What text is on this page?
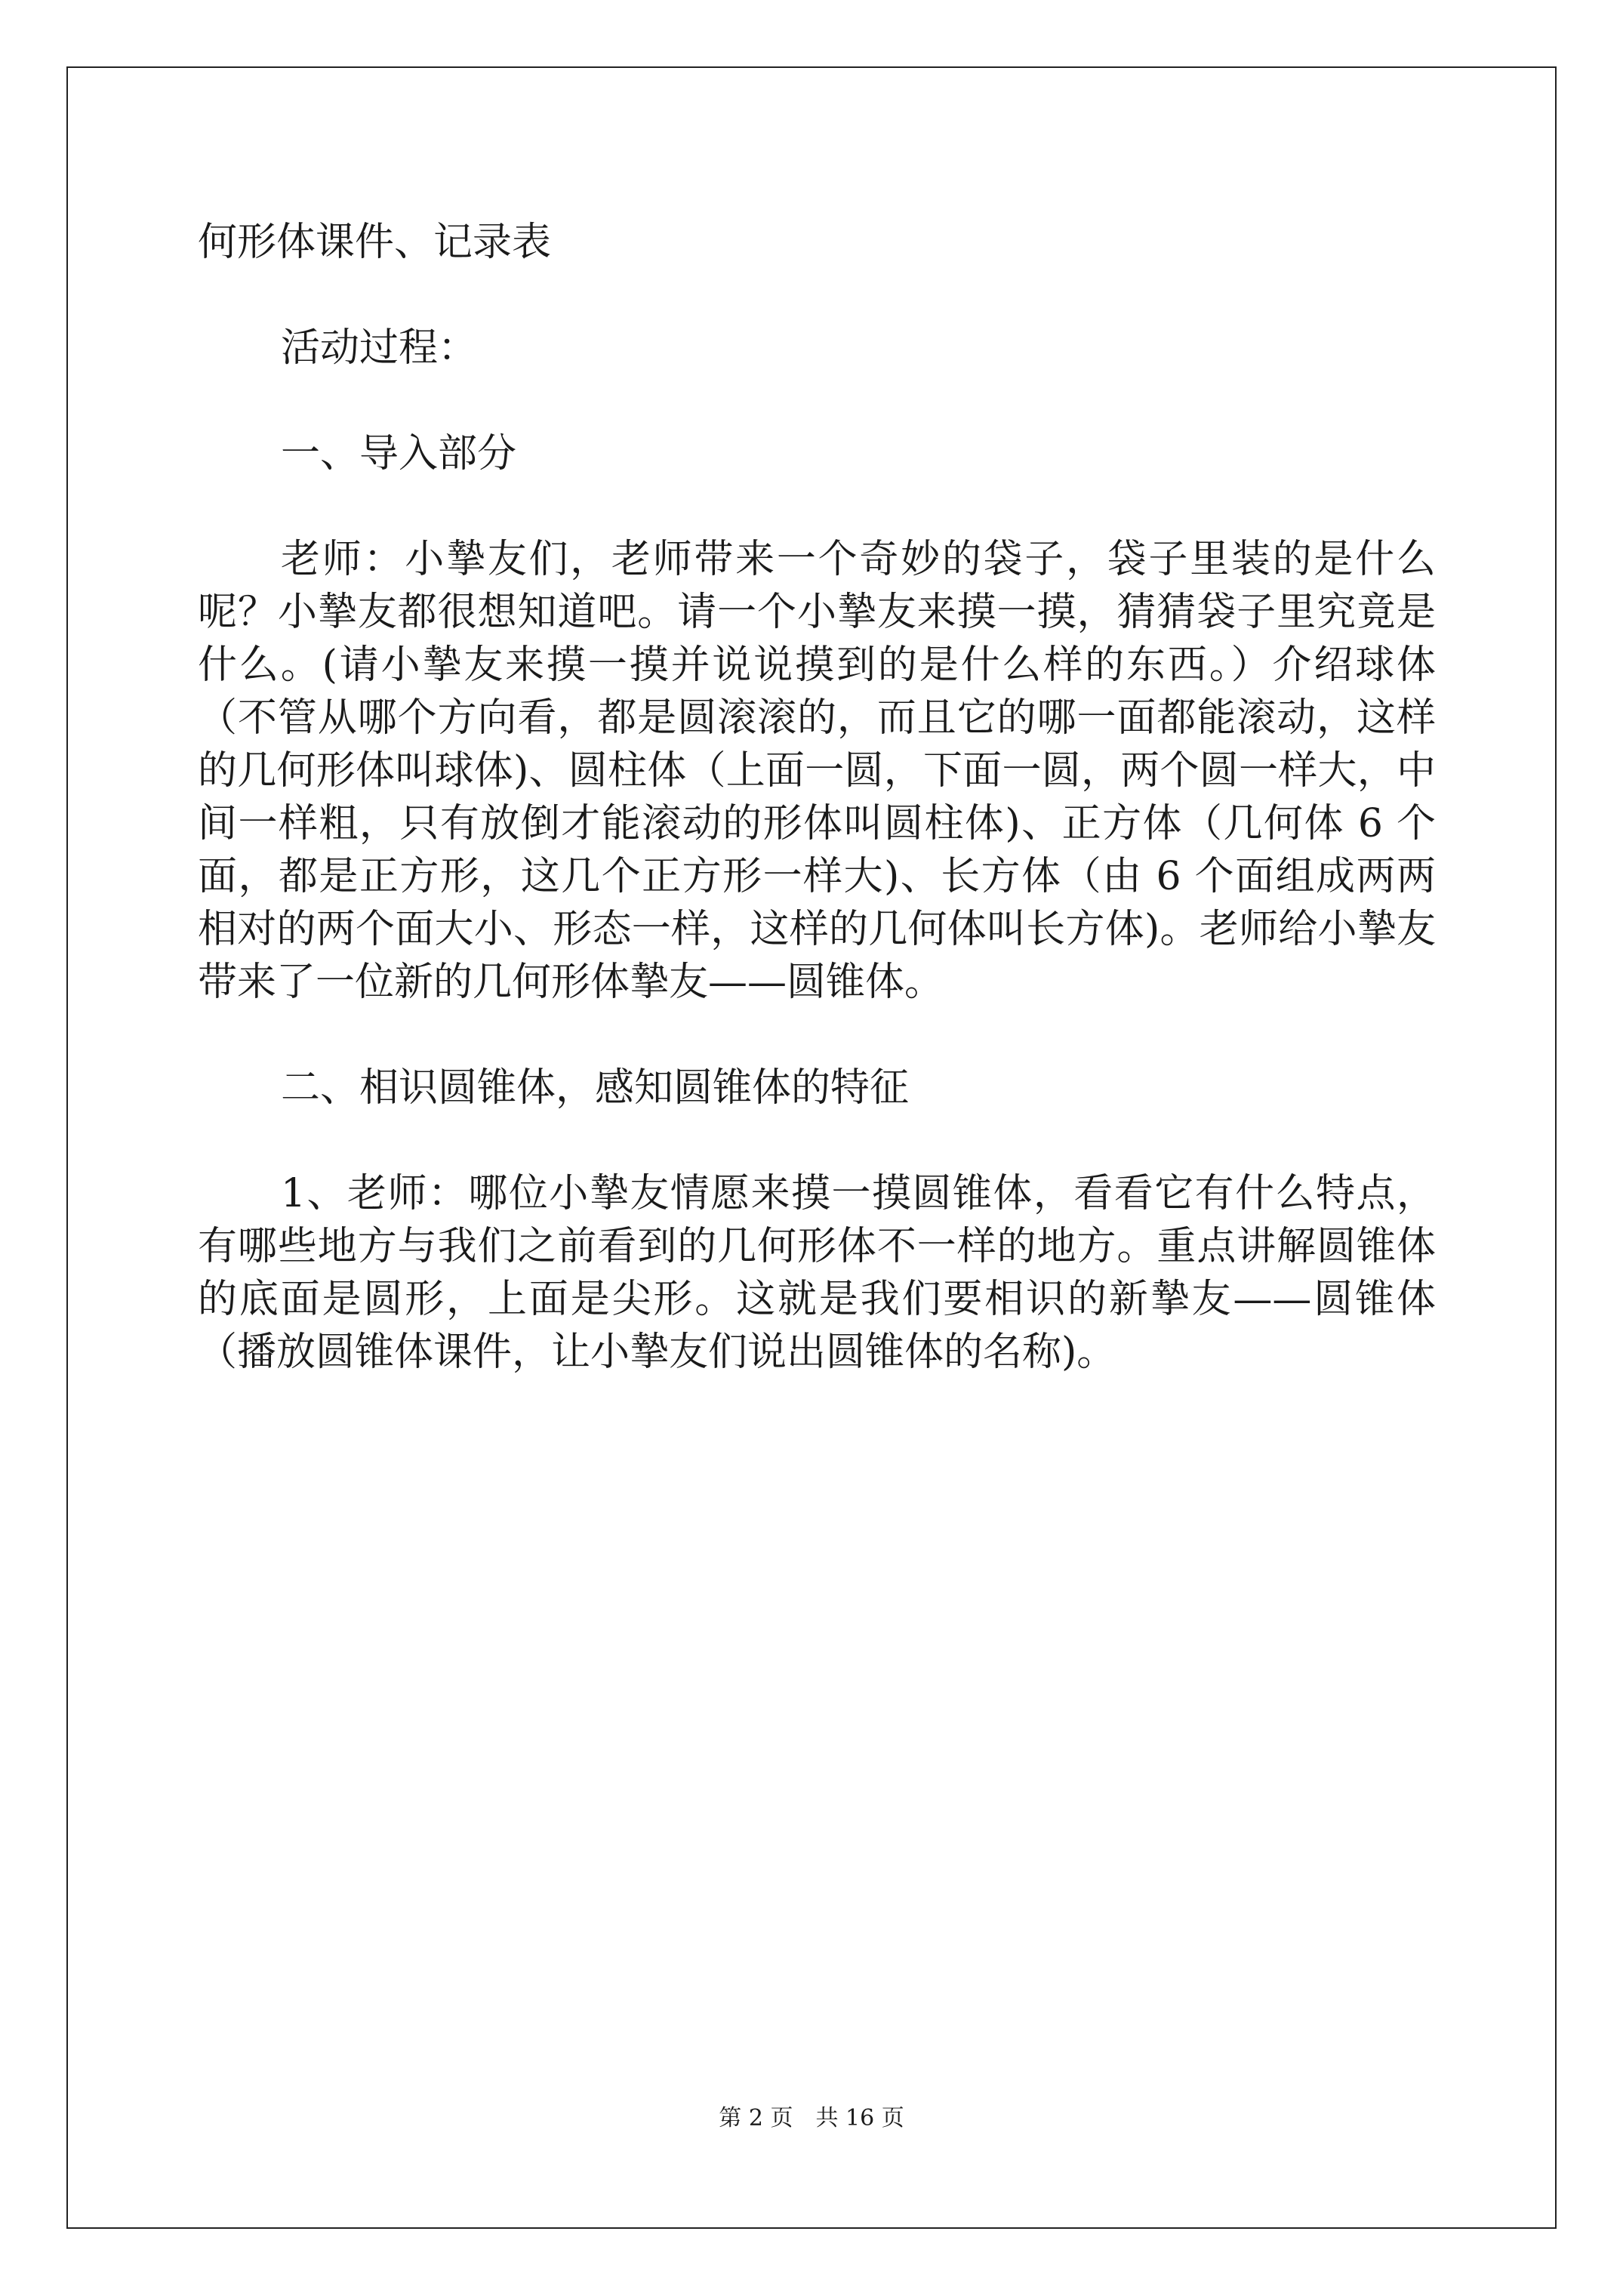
何形体课件、记录表

活动过程：

一、导入部分

老师：小摯友们，老师带来一个奇妙的袋子，袋子里装的是什么呢？小摯友都很想知道吧。请一个小摯友来摸一摸，猜猜袋子里究竟是什么。(请小摯友来摸一摸并说说摸到的是什么样的东西。）介绍球体（不管从哪个方向看，都是圆滚滚的，而且它的哪一面都能滚动，这样的几何形体叫球体)、圆柱体（上面一圆，下面一圆，两个圆一样大，中间一样粗，只有放倒才能滚动的形体叫圆柱体)、正方体（几何体 6 个面，都是正方形，这几个正方形一样大)、长方体（由 6 个面组成两两相对的两个面大小、形态一样，这样的几何体叫长方体)。老师给小摯友带来了一位新的几何形体摯友——圆锥体。

二、相识圆锥体，感知圆锥体的特征

1、老师：哪位小摯友情愿来摸一摸圆锥体，看看它有什么特点，有哪些地方与我们之前看到的几何形体不一样的地方。重点讲解圆锥体的底面是圆形，上面是尖形。这就是我们要相识的新摯友——圆锥体（播放圆锥体课件，让小摯友们说出圆锥体的名称)。

第 2 页　共 16 页
